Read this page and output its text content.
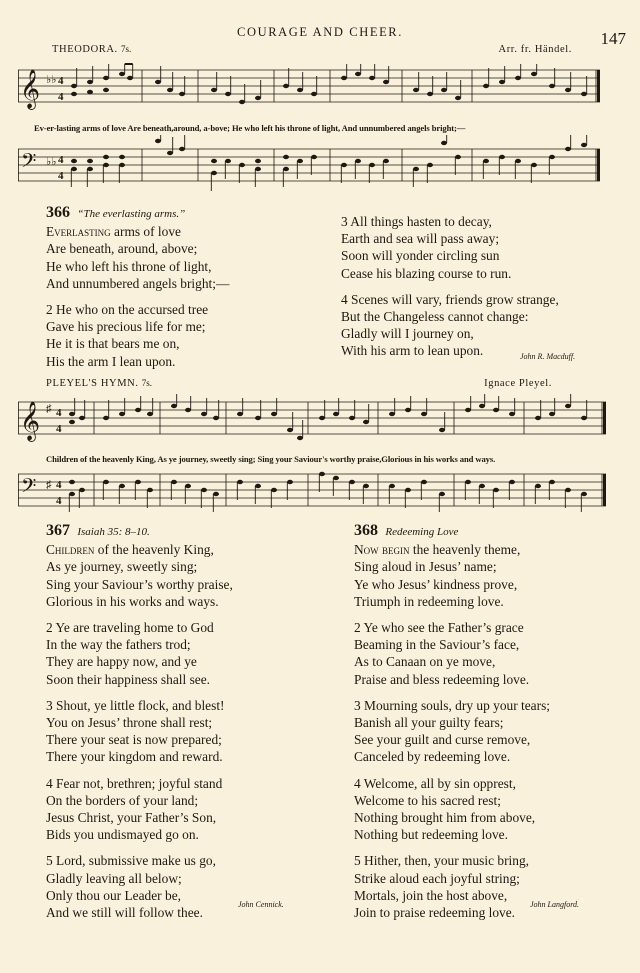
COURAGE AND CHEER.	147
THEODORA. 7s.	Arr. fr. Händel.
𝄞 ♭♭ 4
4
Ev-er-lasting arms of love Are beneath,around, a-bove; He who left his throne of light, And unnumbered angels bright;—
𝄢 ♭♭ 4
4

366 “The everlasting arms.”

Everlasting arms of love

Are beneath, around, above;

He who left his throne of light,

And unnumbered angels bright;—

2 He who on the accursed tree

Gave his precious life for me;

He it is that bears me on,

His the arm I lean upon.

3 All things hasten to decay,

Earth and sea will pass away;

Soon will yonder circling sun

Cease his blazing course to run.

4 Scenes will vary, friends grow strange,

But the Changeless cannot change:

Gladly will I journey on,

With his arm to lean upon.	John R. Macduff.
PLEYEL'S HYMN. 7s.	Ignace Pleyel.
𝄞 ♯ 4
4
Children of the heavenly King, As ye journey, sweetly sing; Sing your Saviour's worthy praise,Glorious in his works and ways.
𝄢 ♯ 4
4

367 Isaiah 35: 8–10.

Children of the heavenly King,

As ye journey, sweetly sing;

Sing your Saviour’s worthy praise,

Glorious in his works and ways.

2 Ye are traveling home to God

In the way the fathers trod;

They are happy now, and ye

Soon their happiness shall see.

3 Shout, ye little flock, and blest!

You on Jesus’ throne shall rest;

There your seat is now prepared;

There your kingdom and reward.

4 Fear not, brethren; joyful stand

On the borders of your land;

Jesus Christ, your Father’s Son,

Bids you undismayed go on.

5 Lord, submissive make us go,

Gladly leaving all below;

Only thou our Leader be,

And we still will follow thee.

John Cennick.

368 Redeeming Love

Now begin the heavenly theme,

Sing aloud in Jesus’ name;

Ye who Jesus’ kindness prove,

Triumph in redeeming love.

2 Ye who see the Father’s grace

Beaming in the Saviour’s face,

As to Canaan on ye move,

Praise and bless redeeming love.

3 Mourning souls, dry up your tears;

Banish all your guilty fears;

See your guilt and curse remove,

Canceled by redeeming love.

4 Welcome, all by sin opprest,

Welcome to his sacred rest;

Nothing brought him from above,

Nothing but redeeming love.

5 Hither, then, your music bring,

Strike aloud each joyful string;

Mortals, join the host above,

Join to praise redeeming love.

John Langford.
